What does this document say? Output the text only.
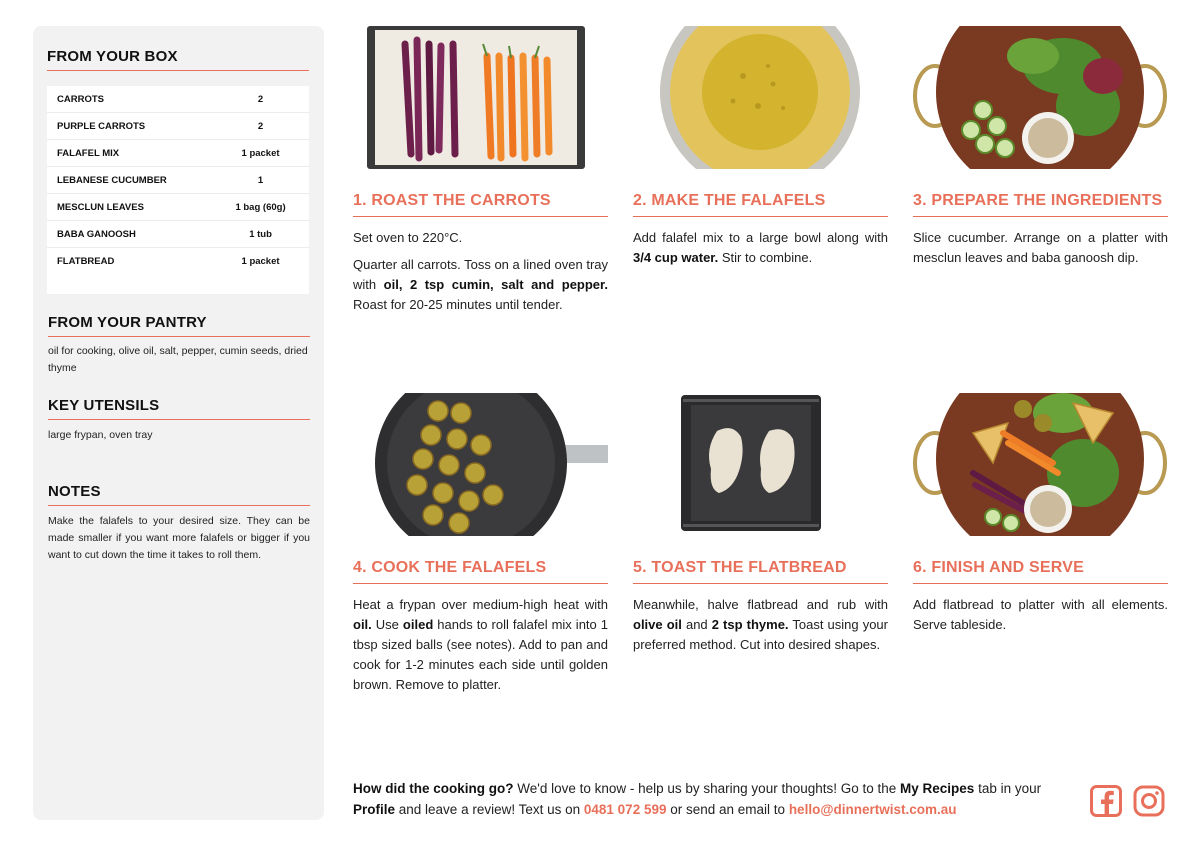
FROM YOUR BOX
CARROTS	2
PURPLE CARROTS	2
FALAFEL MIX	1 packet
LEBANESE CUCUMBER	1
MESCLUN LEAVES	1 bag (60g)
BABA GANOOSH	1 tub
FLATBREAD	1 packet
FROM YOUR PANTRY
oil for cooking, olive oil, salt, pepper, cumin seeds, dried thyme
KEY UTENSILS
large frypan, oven tray
NOTES
Make the falafels to your desired size. They can be made smaller if you want more falafels or bigger if you want to cut down the time it takes to roll them.
1. ROAST THE CARROTS

Set oven to 220°C.

Quarter all carrots. Toss on a lined oven tray with oil, 2 tsp cumin, salt and pepper. Roast for 20-25 minutes until tender.

2. MAKE THE FALAFELS

Add falafel mix to a large bowl along with 3/4 cup water. Stir to combine.

3. PREPARE THE INGREDIENTS

Slice cucumber. Arrange on a platter with mesclun leaves and baba ganoosh dip.

4. COOK THE FALAFELS

Heat a frypan over medium-high heat with oil. Use oiled hands to roll falafel mix into 1 tbsp sized balls (see notes). Add to pan and cook for 1-2 minutes each side until golden brown. Remove to platter.

5. TOAST THE FLATBREAD

Meanwhile, halve flatbread and rub with olive oil and 2 tsp thyme. Toast using your preferred method. Cut into desired shapes.

6. FINISH AND SERVE

Add flatbread to platter with all elements. Serve tableside.

How did the cooking go? We'd love to know - help us by sharing your thoughts! Go to the My Recipes tab in your Profile and leave a review! Text us on 0481 072 599 or send an email to hello@dinnertwist.com.au
